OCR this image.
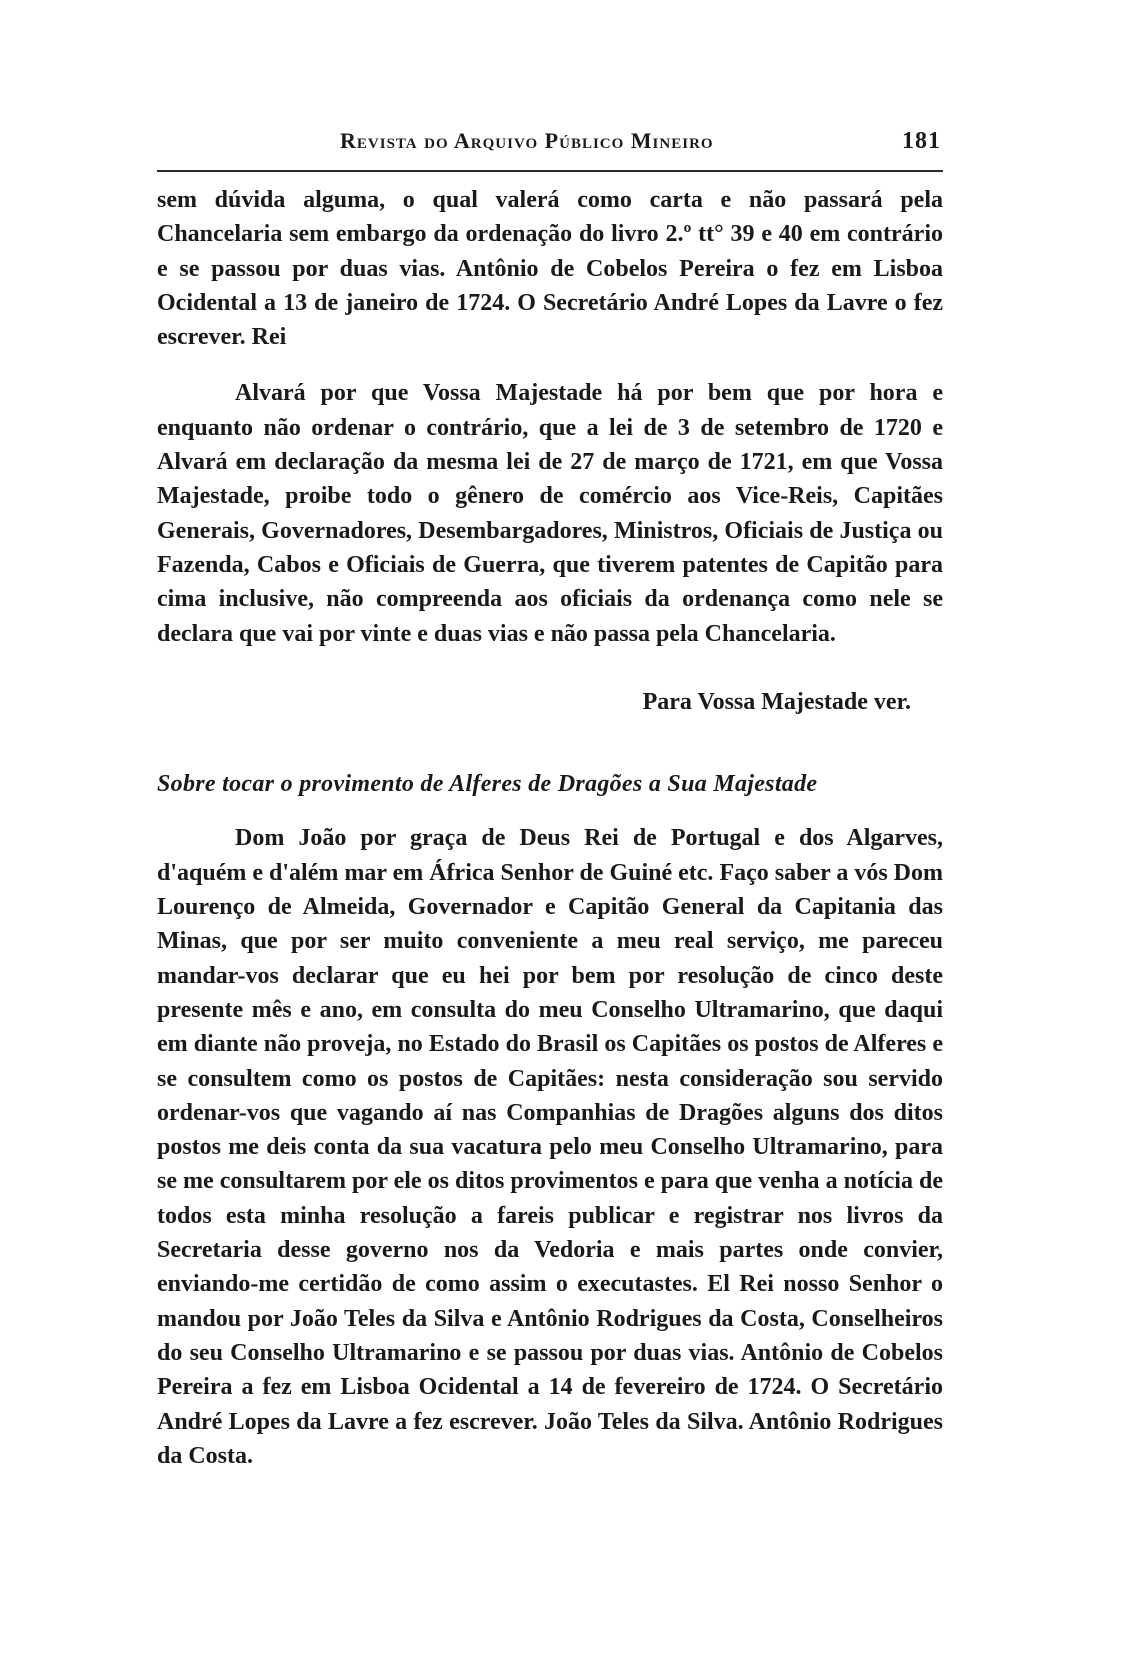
Revista do Arquivo Público Mineiro	181

sem dúvida alguma, o qual valerá como carta e não passará pela Chancelaria sem embargo da ordenação do livro 2.º tt° 39 e 40 em contrário e se passou por duas vias. Antônio de Cobelos Pereira o fez em Lisboa Ocidental a 13 de janeiro de 1724. O Secretário André Lopes da Lavre o fez escrever. Rei

Alvará por que Vossa Majestade há por bem que por hora e enquanto não ordenar o contrário, que a lei de 3 de setembro de 1720 e Alvará em declaração da mesma lei de 27 de março de 1721, em que Vossa Majestade, proibe todo o gênero de comércio aos Vice-Reis, Capitães Generais, Governadores, Desembargadores, Ministros, Oficiais de Justiça ou Fazenda, Cabos e Oficiais de Guerra, que tiverem patentes de Capitão para cima inclusive, não compreenda aos oficiais da ordenança como nele se declara que vai por vinte e duas vias e não passa pela Chancelaria.

Para Vossa Majestade ver.

Sobre tocar o provimento de Alferes de Dragões a Sua Majestade

Dom João por graça de Deus Rei de Portugal e dos Algarves, d'aquém e d'além mar em África Senhor de Guiné etc. Faço saber a vós Dom Lourenço de Almeida, Governador e Capitão General da Capitania das Minas, que por ser muito conveniente a meu real serviço, me pareceu mandar-vos declarar que eu hei por bem por resolução de cinco deste presente mês e ano, em consulta do meu Conselho Ultramarino, que daqui em diante não proveja, no Estado do Brasil os Capitães os postos de Alferes e se consultem como os postos de Capitães: nesta consideração sou servido ordenar-vos que vagando aí nas Companhias de Dragões alguns dos ditos postos me deis conta da sua vacatura pelo meu Conselho Ultramarino, para se me consultarem por ele os ditos provimentos e para que venha a notícia de todos esta minha resolução a fareis publicar e registrar nos livros da Secretaria desse governo nos da Vedoria e mais partes onde convier, enviando-me certidão de como assim o executastes. El Rei nosso Senhor o mandou por João Teles da Silva e Antônio Rodrigues da Costa, Conselheiros do seu Conselho Ultramarino e se passou por duas vias. Antônio de Cobelos Pereira a fez em Lisboa Ocidental a 14 de fevereiro de 1724. O Secretário André Lopes da Lavre a fez escrever. João Teles da Silva. Antônio Rodrigues da Costa.
